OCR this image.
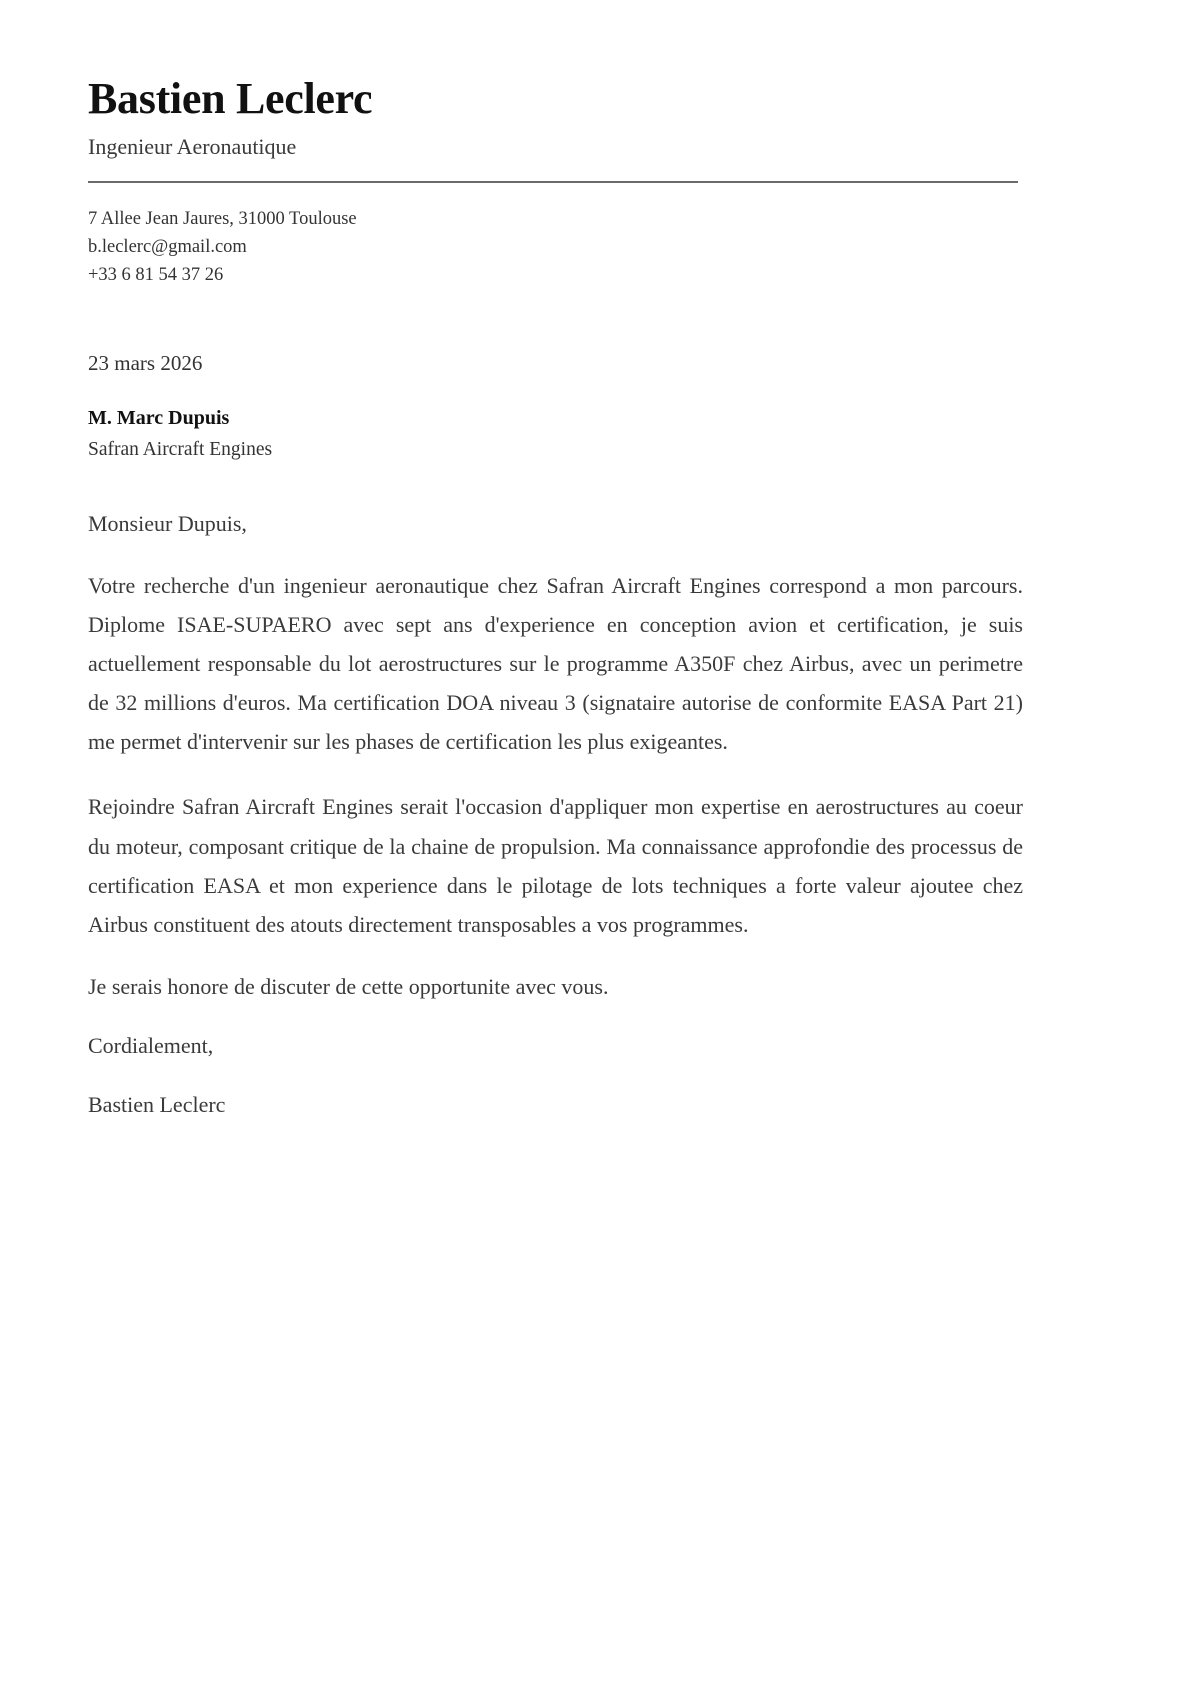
Bastien Leclerc
Ingenieur Aeronautique
7 Allee Jean Jaures, 31000 Toulouse
b.leclerc@gmail.com
+33 6 81 54 37 26
23 mars 2026
M. Marc Dupuis
Safran Aircraft Engines
Monsieur Dupuis,

Votre recherche d'un ingenieur aeronautique chez Safran Aircraft Engines correspond a mon parcours. Diplome ISAE-SUPAERO avec sept ans d'experience en conception avion et certification, je suis actuellement responsable du lot aerostructures sur le programme A350F chez Airbus, avec un perimetre de 32 millions d'euros. Ma certification DOA niveau 3 (signataire autorise de conformite EASA Part 21) me permet d'intervenir sur les phases de certification les plus exigeantes.

Rejoindre Safran Aircraft Engines serait l'occasion d'appliquer mon expertise en aerostructures au coeur du moteur, composant critique de la chaine de propulsion. Ma connaissance approfondie des processus de certification EASA et mon experience dans le pilotage de lots techniques a forte valeur ajoutee chez Airbus constituent des atouts directement transposables a vos programmes.

Je serais honore de discuter de cette opportunite avec vous.
Cordialement,
Bastien Leclerc
